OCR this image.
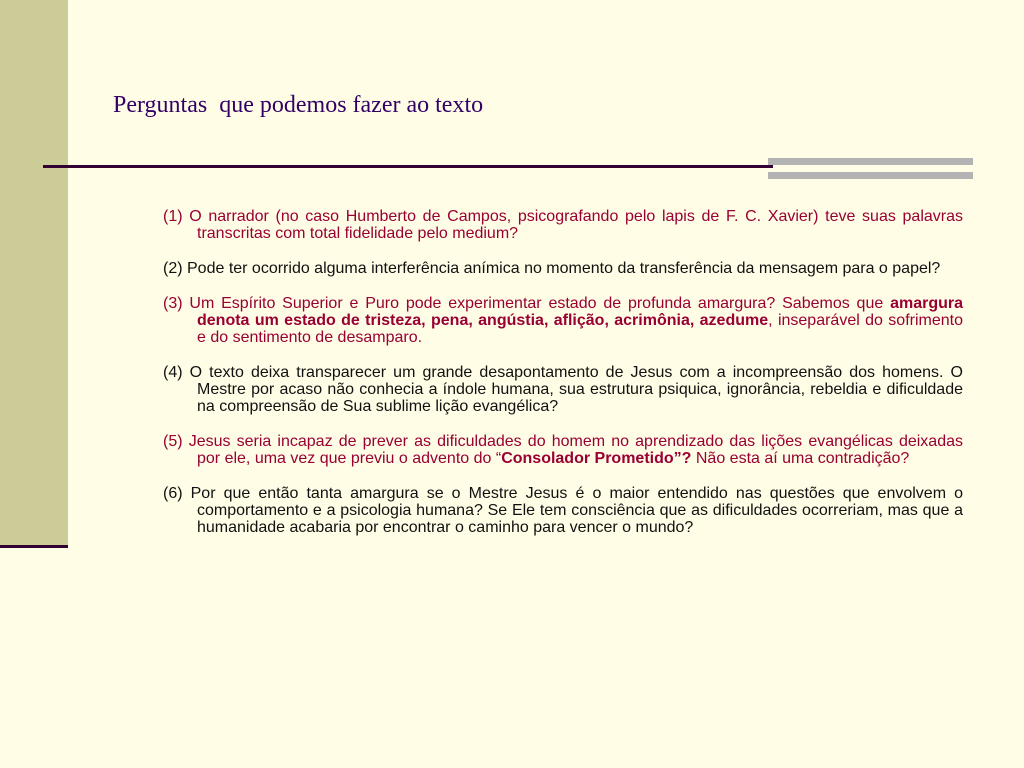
Perguntas  que podemos fazer ao texto

(1) O narrador (no caso Humberto de Campos, psicografando pelo lapis de F. C. Xavier) teve suas palavras transcritas com total fidelidade pelo medium?

(2) Pode ter ocorrido alguma interferência anímica no momento da transferência da mensagem para o papel?

(3) Um Espírito Superior e Puro pode experimentar estado de profunda amargura? Sabemos que amargura denota um estado de tristeza, pena, angústia, aflição, acrimônia, azedume, inseparável do sofrimento e do sentimento de desamparo.

(4) O texto deixa transparecer um grande desapontamento de Jesus com a incompreensão dos homens. O Mestre por acaso não conhecia a índole humana, sua estrutura psiquica, ignorância, rebeldia e dificuldade na compreensão de Sua sublime lição evangélica?

(5) Jesus seria incapaz de prever as dificuldades do homem no aprendizado das lições evangélicas deixadas por ele, uma vez que previu o advento do “Consolador Prometido”? Não esta aí uma contradição?

(6) Por que então tanta amargura se o Mestre Jesus é o maior entendido nas questões que envolvem o comportamento e a psicologia humana? Se Ele tem consciência que as dificuldades ocorreriam, mas que a humanidade acabaria por encontrar o caminho para vencer o mundo?
